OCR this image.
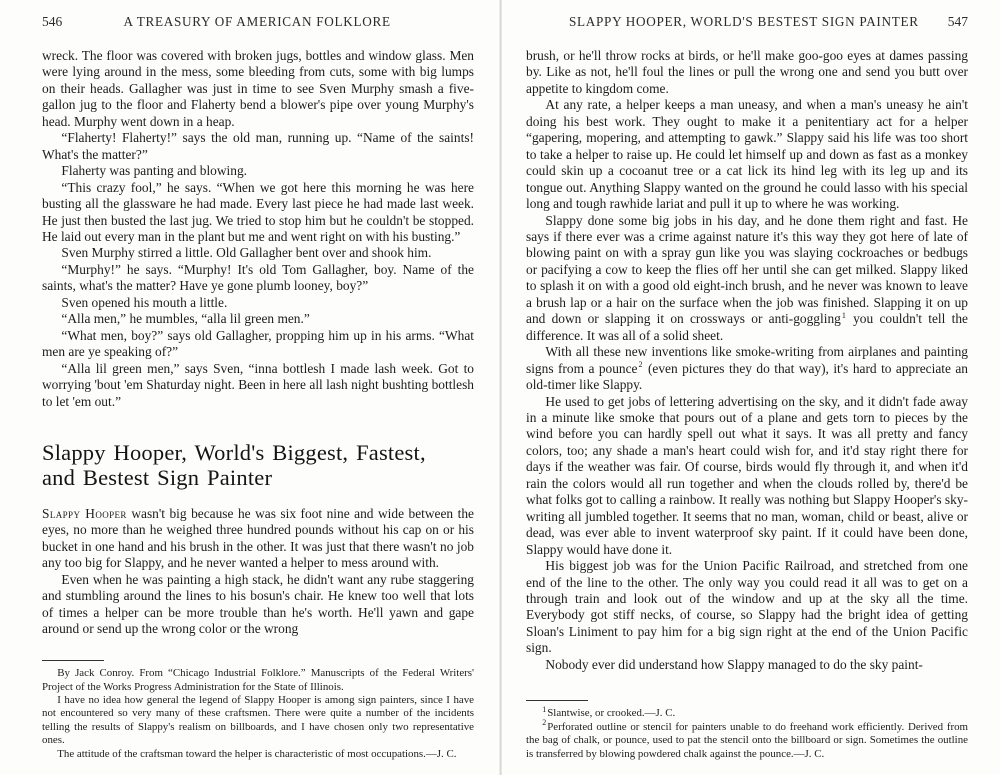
546	A TREASURY OF AMERICAN FOLKLORE

wreck. The floor was covered with broken jugs, bottles and window glass. Men were lying around in the mess, some bleeding from cuts, some with big lumps on their heads. Gallagher was just in time to see Sven Murphy smash a five-gallon jug to the floor and Flaherty bend a blower's pipe over young Murphy's head. Murphy went down in a heap.

“Flaherty! Flaherty!” says the old man, running up. “Name of the saints! What's the matter?”

Flaherty was panting and blowing.

“This crazy fool,” he says. “When we got here this morning he was here busting all the glassware he had made. Every last piece he had made last week. He just then busted the last jug. We tried to stop him but he couldn't be stopped. He laid out every man in the plant but me and went right on with his busting.”

Sven Murphy stirred a little. Old Gallagher bent over and shook him.

“Murphy!” he says. “Murphy! It's old Tom Gallagher, boy. Name of the saints, what's the matter? Have ye gone plumb looney, boy?”

Sven opened his mouth a little.

“Alla men,” he mumbles, “alla lil green men.”

“What men, boy?” says old Gallagher, propping him up in his arms. “What men are ye speaking of?”

“Alla lil green men,” says Sven, “inna bottlesh I made lash week. Got to worrying 'bout 'em Shaturday night. Been in here all lash night bushting bottlesh to let 'em out.”

Slappy Hooper, World's Biggest, Fastest,
and Bestest Sign Painter

Slappy Hooper wasn't big because he was six foot nine and wide between the eyes, no more than he weighed three hundred pounds without his cap on or his bucket in one hand and his brush in the other. It was just that there wasn't no job any too big for Slappy, and he never wanted a helper to mess around with.

Even when he was painting a high stack, he didn't want any rube staggering and stumbling around the lines to his bosun's chair. He knew too well that lots of times a helper can be more trouble than he's worth. He'll yawn and gape around or send up the wrong color or the wrong

By Jack Conroy. From “Chicago Industrial Folklore.” Manuscripts of the Federal Writers' Project of the Works Progress Administration for the State of Illinois.

I have no idea how general the legend of Slappy Hooper is among sign painters, since I have not encountered so very many of these craftsmen. There were quite a number of the incidents telling the results of Slappy's realism on billboards, and I have chosen only two representative ones.

The attitude of the craftsman toward the helper is characteristic of most occupations.—J. C.

SLAPPY HOOPER, WORLD'S BESTEST SIGN PAINTER	547

brush, or he'll throw rocks at birds, or he'll make goo-goo eyes at dames passing by. Like as not, he'll foul the lines or pull the wrong one and send you butt over appetite to kingdom come.

At any rate, a helper keeps a man uneasy, and when a man's uneasy he ain't doing his best work. They ought to make it a penitentiary act for a helper “gapering, mopering, and attempting to gawk.” Slappy said his life was too short to take a helper to raise up. He could let himself up and down as fast as a monkey could skin up a cocoanut tree or a cat lick its hind leg with its leg up and its tongue out. Anything Slappy wanted on the ground he could lasso with his special long and tough rawhide lariat and pull it up to where he was working.

Slappy done some big jobs in his day, and he done them right and fast. He says if there ever was a crime against nature it's this way they got here of late of blowing paint on with a spray gun like you was slaying cockroaches or bedbugs or pacifying a cow to keep the flies off her until she can get milked. Slappy liked to splash it on with a good old eight-inch brush, and he never was known to leave a brush lap or a hair on the surface when the job was finished. Slapping it on up and down or slapping it on crossways or anti-goggling$^1$ you couldn't tell the difference. It was all of a solid sheet.

With all these new inventions like smoke-writing from airplanes and painting signs from a pounce$^2$ (even pictures they do that way), it's hard to appreciate an old-timer like Slappy.

He used to get jobs of lettering advertising on the sky, and it didn't fade away in a minute like smoke that pours out of a plane and gets torn to pieces by the wind before you can hardly spell out what it says. It was all pretty and fancy colors, too; any shade a man's heart could wish for, and it'd stay right there for days if the weather was fair. Of course, birds would fly through it, and when it'd rain the colors would all run together and when the clouds rolled by, there'd be what folks got to calling a rainbow. It really was nothing but Slappy Hooper's sky-writing all jumbled together. It seems that no man, woman, child or beast, alive or dead, was ever able to invent waterproof sky paint. If it could have been done, Slappy would have done it.

His biggest job was for the Union Pacific Railroad, and stretched from one end of the line to the other. The only way you could read it all was to get on a through train and look out of the window and up at the sky all the time. Everybody got stiff necks, of course, so Slappy had the bright idea of getting Sloan's Liniment to pay him for a big sign right at the end of the Union Pacific sign.

Nobody ever did understand how Slappy managed to do the sky paint-

$^1$Slantwise, or crooked.—J. C.

$^2$Perforated outline or stencil for painters unable to do freehand work efficiently. Derived from the bag of chalk, or pounce, used to pat the stencil onto the billboard or sign. Sometimes the outline is transferred by blowing powdered chalk against the pounce.—J. C.
